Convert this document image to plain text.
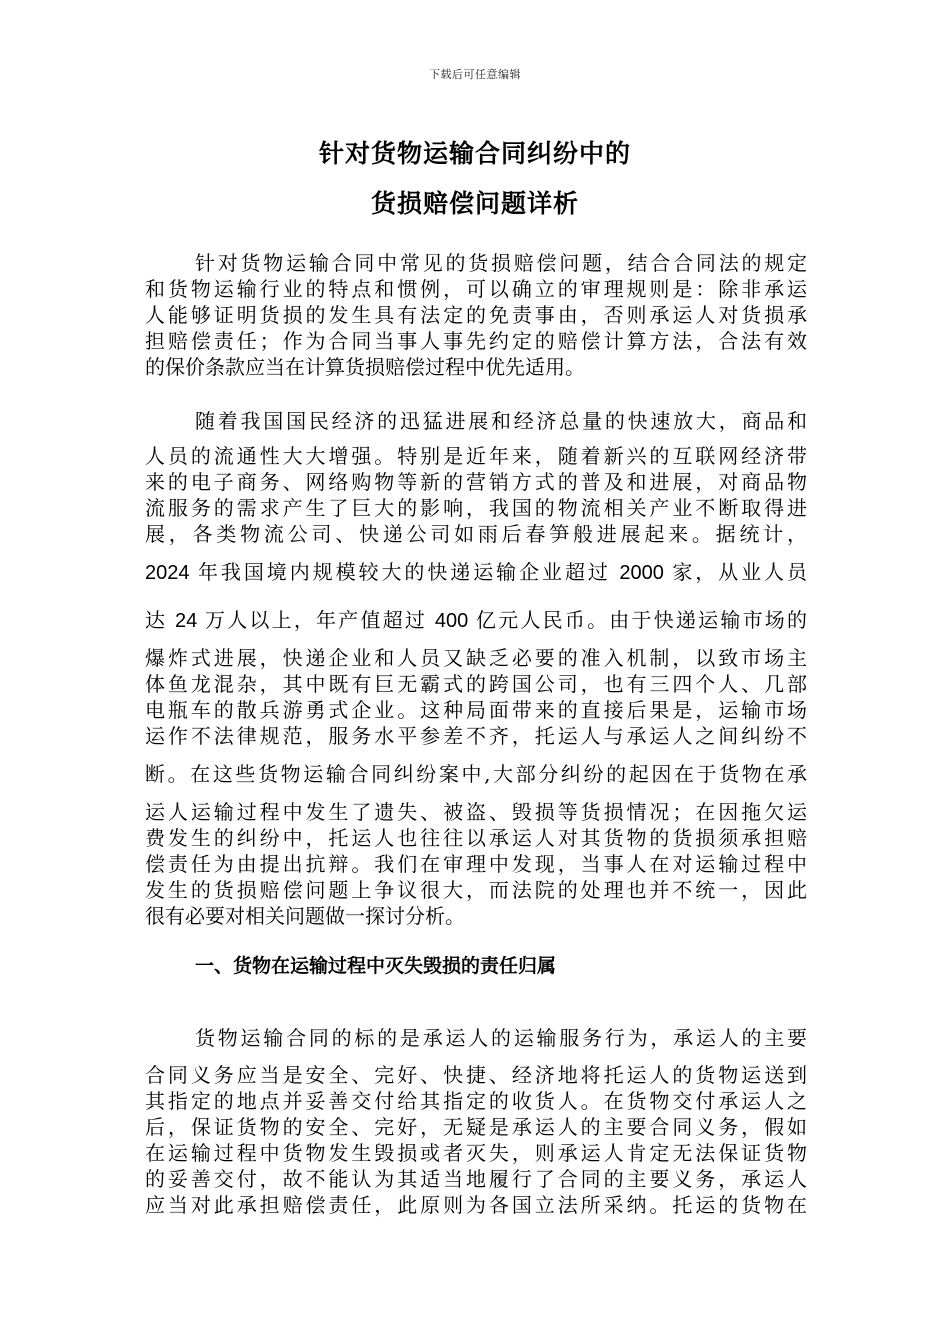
下载后可任意编辑
针对货物运输合同纠纷中的
货损赔偿问题详析
针对货物运输合同中常见的货损赔偿问题，结合合同法的规定
和货物运输行业的特点和惯例，可以确立的审理规则是：除非承运
人能够证明货损的发生具有法定的免责事由，否则承运人对货损承
担赔偿责任；作为合同当事人事先约定的赔偿计算方法，合法有效
的保价条款应当在计算货损赔偿过程中优先适用。
随着我国国民经济的迅猛进展和经济总量的快速放大，商品和
人员的流通性大大增强。特别是近年来，随着新兴的互联网经济带
来的电子商务、网络购物等新的营销方式的普及和进展，对商品物
流服务的需求产生了巨大的影响，我国的物流相关产业不断取得进
展，各类物流公司、快递公司如雨后春笋般进展起来。据统计，
2024 年我国境内规模较大的快递运输企业超过 2000 家，从业人员
达 24 万人以上，年产值超过 400 亿元人民币。由于快递运输市场的
爆炸式进展，快递企业和人员又缺乏必要的准入机制，以致市场主
体鱼龙混杂，其中既有巨无霸式的跨国公司，也有三四个人、几部
电瓶车的散兵游勇式企业。这种局面带来的直接后果是，运输市场
运作不法律规范，服务水平参差不齐，托运人与承运人之间纠纷不
断。在这些货物运输合同纠纷案中,大部分纠纷的起因在于货物在承
运人运输过程中发生了遗失、被盗、毁损等货损情况；在因拖欠运
费发生的纠纷中，托运人也往往以承运人对其货物的货损须承担赔
偿责任为由提出抗辩。我们在审理中发现，当事人在对运输过程中
发生的货损赔偿问题上争议很大，而法院的处理也并不统一，因此
很有必要对相关问题做一探讨分析。
一、货物在运输过程中灭失毁损的责任归属
货物运输合同的标的是承运人的运输服务行为，承运人的主要
合同义务应当是安全、完好、快捷、经济地将托运人的货物运送到
其指定的地点并妥善交付给其指定的收货人。在货物交付承运人之
后，保证货物的安全、完好，无疑是承运人的主要合同义务，假如
在运输过程中货物发生毁损或者灭失，则承运人肯定无法保证货物
的妥善交付，故不能认为其适当地履行了合同的主要义务，承运人
应当对此承担赔偿责任，此原则为各国立法所采纳。托运的货物在
